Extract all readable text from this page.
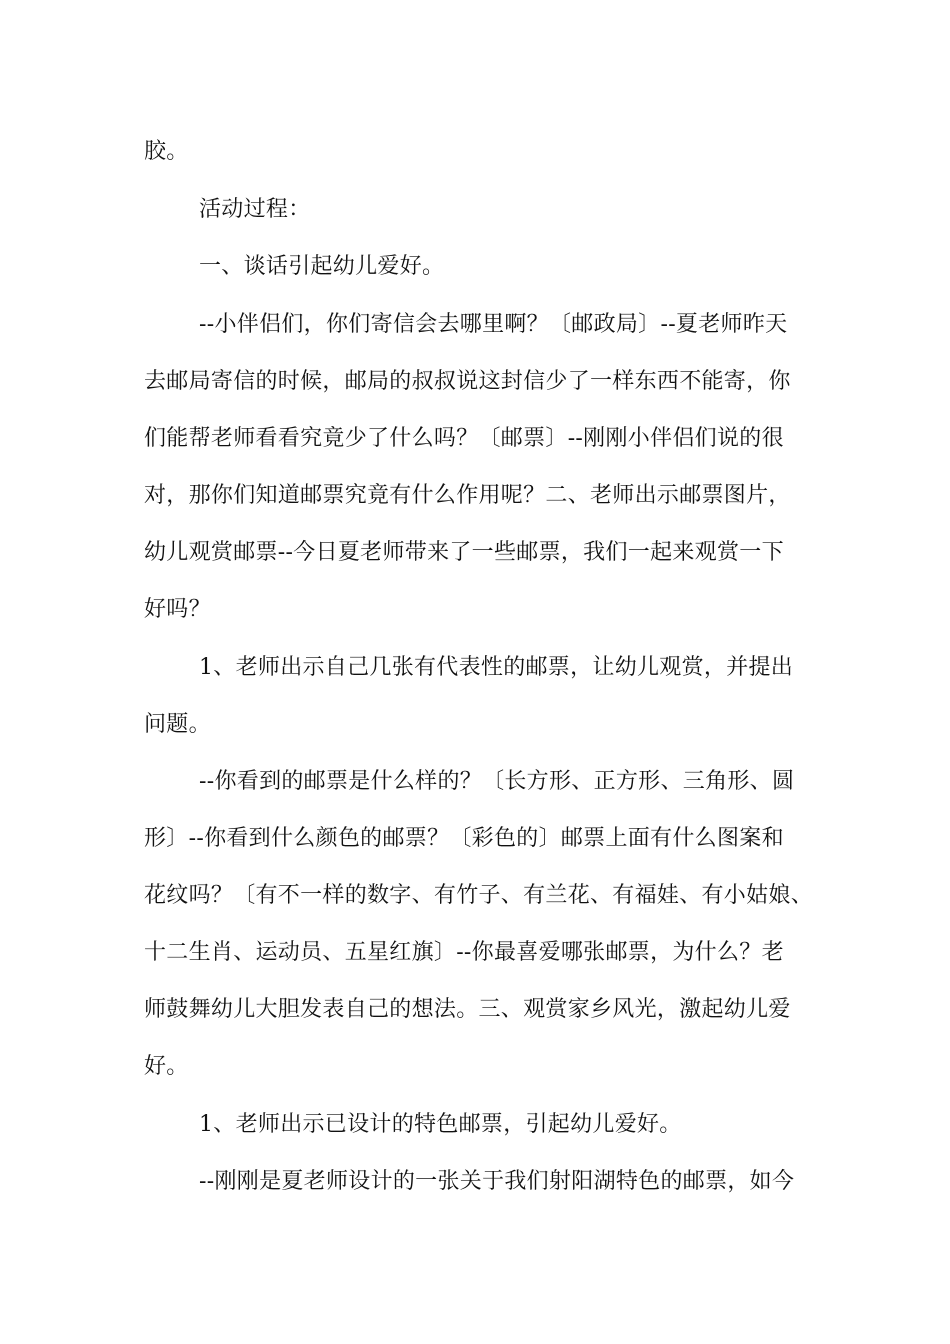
胶。
活动过程：
一、谈话引起幼儿爱好。
--小伴侣们，你们寄信会去哪里啊？〔邮政局〕--夏老师昨天
去邮局寄信的时候，邮局的叔叔说这封信少了一样东西不能寄，你
们能帮老师看看究竟少了什么吗？〔邮票〕--刚刚小伴侣们说的很
对，那你们知道邮票究竟有什么作用呢？二、老师出示邮票图片，
幼儿观赏邮票--今日夏老师带来了一些邮票，我们一起来观赏一下
好吗？
1、老师出示自己几张有代表性的邮票，让幼儿观赏，并提出
问题。
--你看到的邮票是什么样的？〔长方形、正方形、三角形、圆
形〕--你看到什么颜色的邮票？〔彩色的〕邮票上面有什么图案和
花纹吗？〔有不一样的数字、有竹子、有兰花、有福娃、有小姑娘、
十二生肖、运动员、五星红旗〕--你最喜爱哪张邮票，为什么？老
师鼓舞幼儿大胆发表自己的想法。三、观赏家乡风光，激起幼儿爱
好。
1、老师出示已设计的特色邮票，引起幼儿爱好。
--刚刚是夏老师设计的一张关于我们射阳湖特色的邮票，如今
